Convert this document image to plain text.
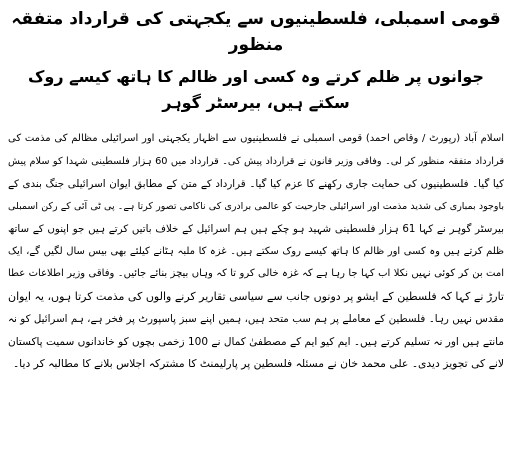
قومی اسمبلی، فلسطینیوں سے یکجہتی کی قرارداد متفقہ منظور
جوانوں پر ظلم کرتے وہ کسی اور ظالم کا ہاتھ کیسے روک سکتے ہیں، بیرسٹر گوہر
اسلام آباد (رپورٹ / وقاص احمد) قومی اسمبلی نے فلسطینیوں سے اظہار یکجہتی اور اسرائیلی مظالم کی مذمت کی
قرارداد متفقہ منظور کر لی۔ وفاقی وزیر قانون نے قرارداد پیش کی۔ قرارداد میں 60 ہزار فلسطینی شہدا کو سلام پیش
کیا گیا۔ فلسطینیوں کی حمایت جاری رکھنے کا عزم کیا گیا۔ قرارداد کے متن کے مطابق ایوان اسرائیلی جنگ بندی کے
باوجود بمباری کی شدید مذمت اور اسرائیلی جارحیت کو عالمی برادری کی ناکامی تصور کرتا ہے۔ پی ٹی آئی کے رکن اسمبلی
بیرسٹر گوہر نے کہا 61 ہزار فلسطینی شہید ہو چکے ہیں ہم اسرائیل کے خلاف باتیں کرتے ہیں جو اپنوں کے ساتھ
ظلم کرتے ہیں وہ کسی اور ظالم کا ہاتھ کیسے روک سکتے ہیں۔ غزہ کا ملبہ ہٹانے کیلئے بھی بیس سال لگیں گے، ایک
امت بن کر کوئی نہیں نکلا اب کہا جا رہا ہے کہ غزہ خالی کرو تا کہ وہاں بیچز بنائے جائیں۔ وفاقی وزیر اطلاعات عطا
تارڑ نے کہا کہ فلسطین کے ایشو پر دونوں جانب سے سیاسی تقاریر کرنے والوں کی مذمت کرتا ہوں، یہ ایوان
مقدس نہیں رہا۔ فلسطین کے معاملے پر ہم سب متحد ہیں، ہمیں اپنے سبز پاسپورٹ پر فخر ہے، ہم اسرائیل کو نہ
مانتے ہیں اور نہ تسلیم کرتے ہیں۔ ایم کیو ایم کے مصطفیٰ کمال نے 100 زخمی بچوں کو خاندانوں سمیت پاکستان
لانے کی تجویز دیدی۔ علی محمد خان نے مسئلہ فلسطین پر پارلیمنٹ کا مشترکہ اجلاس بلانے کا مطالبہ کر دیا۔
